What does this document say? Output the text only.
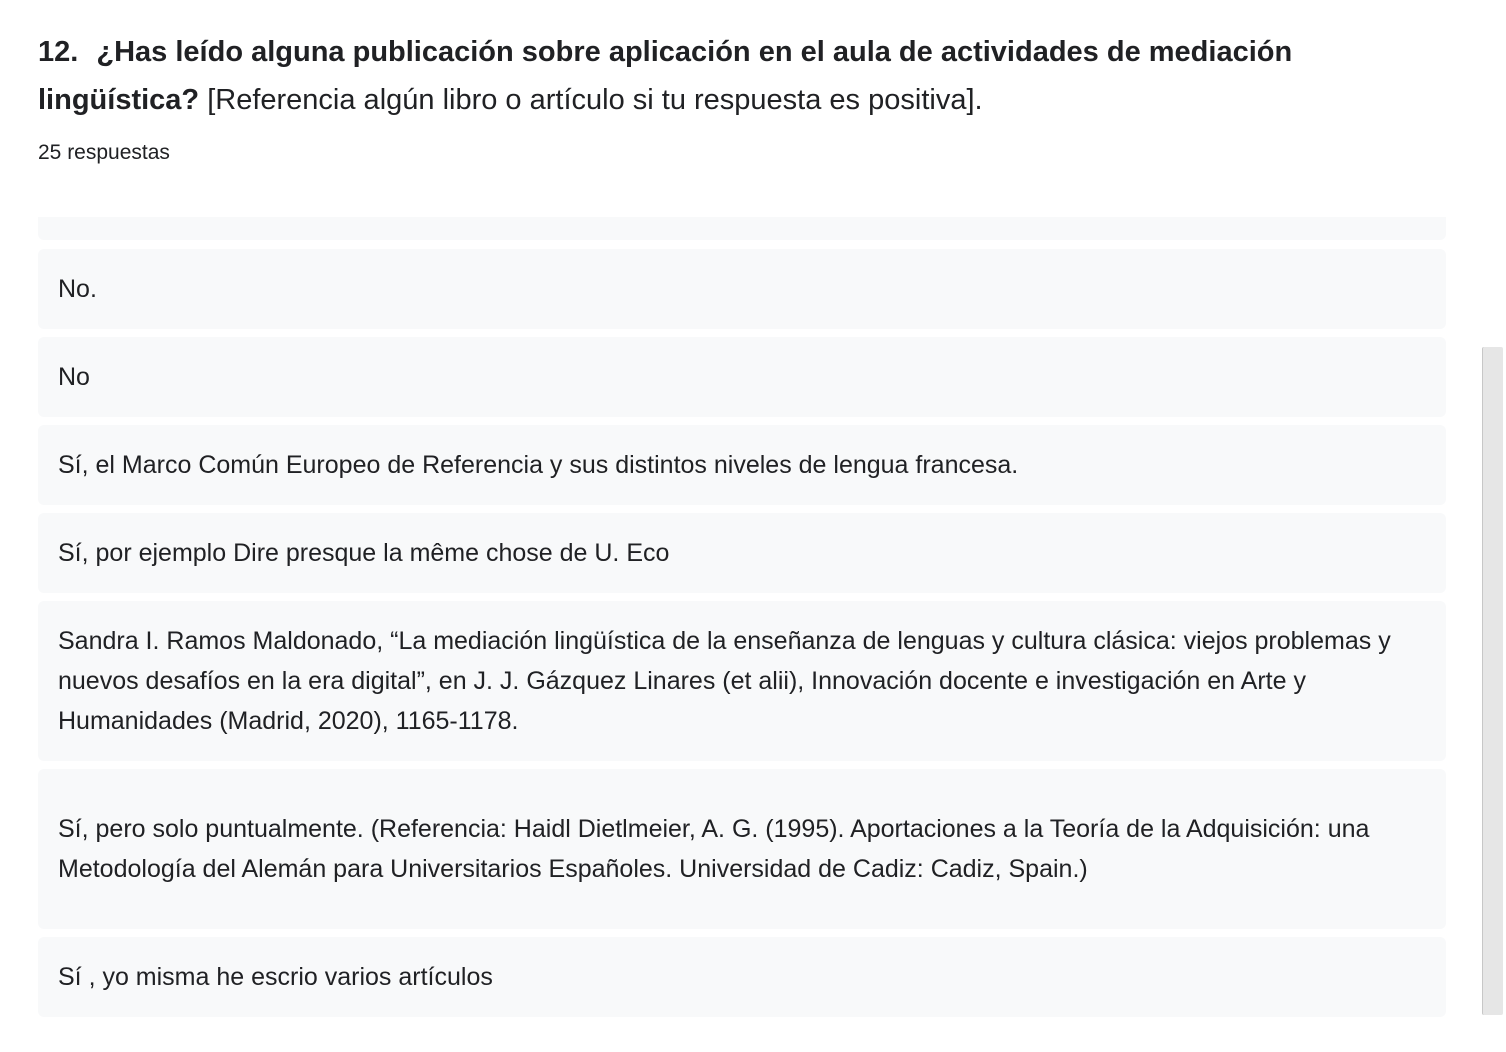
12. ¿Has leído alguna publicación sobre aplicación en el aula de actividades de mediación lingüística? [Referencia algún libro o artículo si tu respuesta es positiva].
25 respuestas
No.
No
Sí, el Marco Común Europeo de Referencia y sus distintos niveles de lengua francesa.
Sí, por ejemplo Dire presque la même chose de U. Eco
Sandra I. Ramos Maldonado, “La mediación lingüística de la enseñanza de lenguas y cultura clásica: viejos problemas y nuevos desafíos en la era digital”, en J. J. Gázquez Linares (et alii), Innovación docente e investigación en Arte y Humanidades (Madrid, 2020), 1165-1178.
Sí, pero solo puntualmente. (Referencia: Haidl Dietlmeier, A. G. (1995). Aportaciones a la Teoría de la Adquisición: una Metodología del Alemán para Universitarios Españoles. Universidad de Cadiz: Cadiz, Spain.)
Sí , yo misma he escrio varios artículos
